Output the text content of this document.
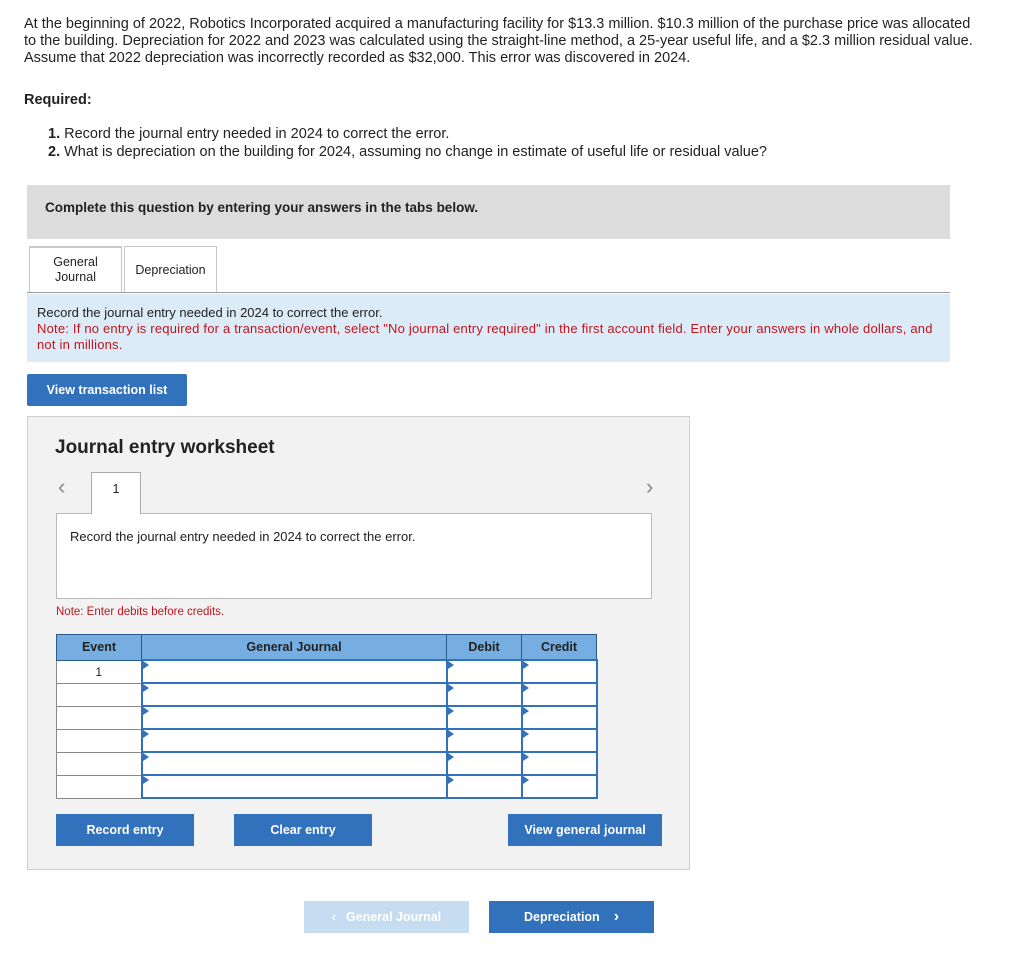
At the beginning of 2022, Robotics Incorporated acquired a manufacturing facility for $13.3 million. $10.3 million of the purchase price was allocated to the building. Depreciation for 2022 and 2023 was calculated using the straight-line method, a 25-year useful life, and a $2.3 million residual value. Assume that 2022 depreciation was incorrectly recorded as $32,000. This error was discovered in 2024.
Required:
1. Record the journal entry needed in 2024 to correct the error.
2. What is depreciation on the building for 2024, assuming no change in estimate of useful life or residual value?
Complete this question by entering your answers in the tabs below.
General
Journal
Depreciation
Record the journal entry needed in 2024 to correct the error.
Note: If no entry is required for a transaction/event, select "No journal entry required" in the first account field. Enter your answers in whole dollars, and not in millions.
View transaction list
Journal entry worksheet
‹	1	›
Record the journal entry needed in 2024 to correct the error.
Note: Enter debits before credits.
Event	General Journal	Debit	Credit
1			

Record entry	Clear entry	View general journal
‹ General Journal	Depreciation ›
